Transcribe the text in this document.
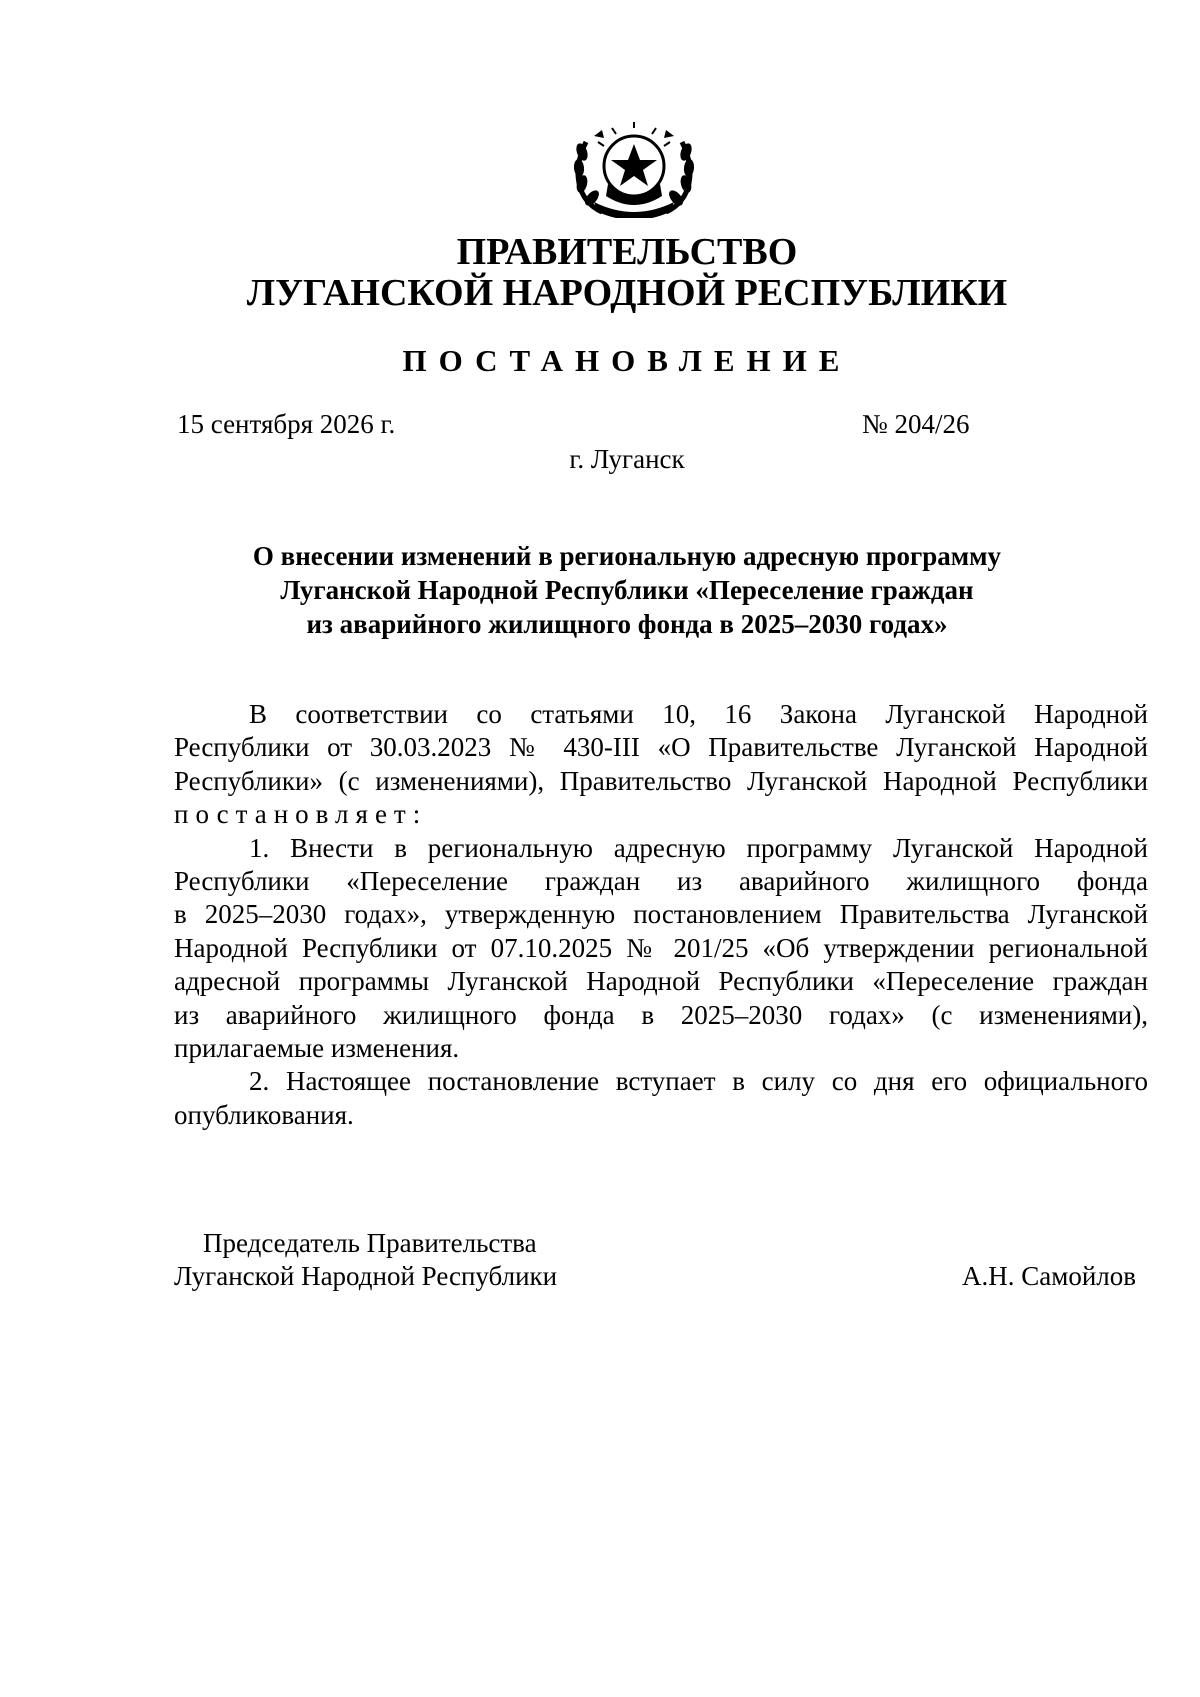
ПРАВИТЕЛЬСТВО
ЛУГАНСКОЙ НАРОДНОЙ РЕСПУБЛИКИ
ПОСТАНОВЛЕНИЕ
15 сентября 2026 г.	№ 204/26
г. Луганск
О внесении изменений в региональную адресную программу
Луганской Народной Республики «Переселение граждан
из аварийного жилищного фонда в 2025–2030 годах»
В соответствии со статьями 10, 16 Закона Луганской Народной
Республики от 30.03.2023 № 430-III «О Правительстве Луганской Народной
Республики» (с изменениями), Правительство Луганской Народной Республики
постановляет:
1. Внести в региональную адресную программу Луганской Народной
Республики «Переселение граждан из аварийного жилищного фонда
в 2025–2030 годах», утвержденную постановлением Правительства Луганской
Народной Республики от 07.10.2025 № 201/25 «Об утверждении региональной
адресной программы Луганской Народной Республики «Переселение граждан
из аварийного жилищного фонда в 2025–2030 годах» (с изменениями),
прилагаемые изменения.
2. Настоящее постановление вступает в силу со дня его официального
опубликования.
Председатель Правительства
Луганской Народной Республики	А.Н. Самойлов
